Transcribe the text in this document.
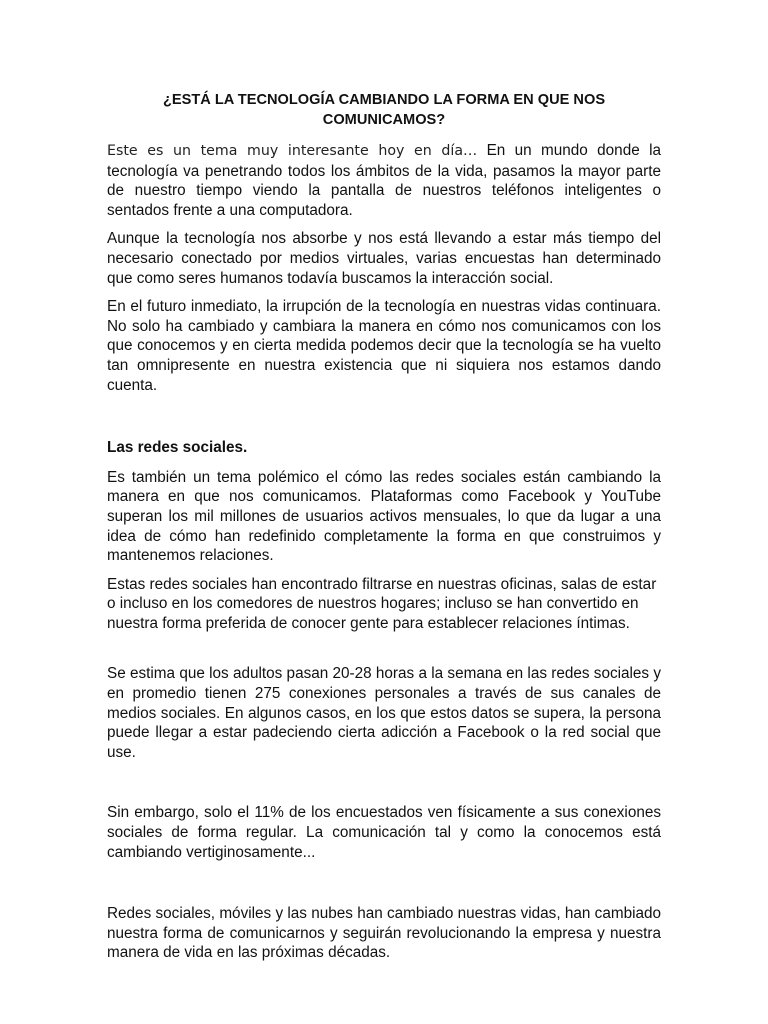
¿ESTÁ LA TECNOLOGÍA CAMBIANDO LA FORMA EN QUE NOS COMUNICAMOS?

Este es un tema muy interesante hoy en día… En un mundo donde la tecnología va penetrando todos los ámbitos de la vida, pasamos la mayor parte de nuestro tiempo viendo la pantalla de nuestros teléfonos inteligentes o sentados frente a una computadora.

Aunque la tecnología nos absorbe y nos está llevando a estar más tiempo del necesario conectado por medios virtuales, varias encuestas han determinado que como seres humanos todavía buscamos la interacción social.

En el futuro inmediato, la irrupción de la tecnología en nuestras vidas continuara. No solo ha cambiado y cambiara la manera en cómo nos comunicamos con los que conocemos y en cierta medida podemos decir que la tecnología se ha vuelto tan omnipresente en nuestra existencia que ni siquiera nos estamos dando cuenta.

Las redes sociales.

Es también un tema polémico el cómo las redes sociales están cambiando la manera en que nos comunicamos. Plataformas como Facebook y YouTube superan los mil millones de usuarios activos mensuales, lo que da lugar a una idea de cómo han redefinido completamente la forma en que construimos y mantenemos relaciones.

Estas redes sociales han encontrado filtrarse en nuestras oficinas, salas de estar o incluso en los comedores de nuestros hogares; incluso se han convertido en nuestra forma preferida de conocer gente para establecer relaciones íntimas.

Se estima que los adultos pasan 20-28 horas a la semana en las redes sociales y en promedio tienen 275 conexiones personales a través de sus canales de medios sociales. En algunos casos, en los que estos datos se supera, la persona puede llegar a estar padeciendo cierta adicción a Facebook o la red social que use.

Sin embargo, solo el 11% de los encuestados ven físicamente a sus conexiones sociales de forma regular. La comunicación tal y como la conocemos está cambiando vertiginosamente...

Redes sociales, móviles y las nubes han cambiado nuestras vidas, han cambiado nuestra forma de comunicarnos y seguirán revolucionando la empresa y nuestra manera de vida en las próximas décadas.
